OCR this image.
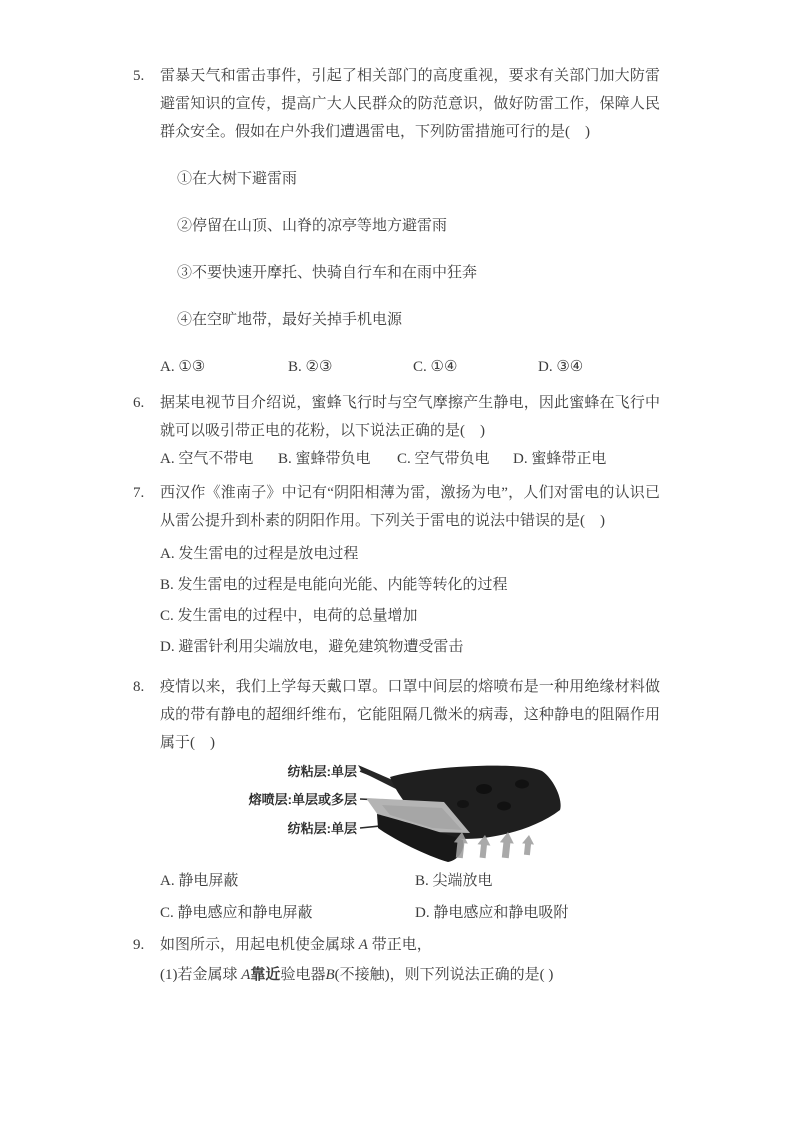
5.	雷暴天气和雷击事件，引起了相关部门的高度重视，要求有关部门加大防雷避雷知识的宣传，提高广大人民群众的防范意识，做好防雷工作，保障人民群众安全。假如在户外我们遭遇雷电，下列防雷措施可行的是(　)

①在大树下避雷雨

②停留在山顶、山脊的凉亭等地方避雷雨

③不要快速开摩托、快骑自行车和在雨中狂奔

④在空旷地带，最好关掉手机电源

A. ①③	B. ②③	C. ①④	D. ③④
6.	据某电视节目介绍说，蜜蜂飞行时与空气摩擦产生静电，因此蜜蜂在飞行中就可以吸引带正电的花粉，以下说法正确的是(　)

A. 空气不带电	B. 蜜蜂带负电	C. 空气带负电	D. 蜜蜂带正电
7.	西汉作《淮南子》中记有“阴阳相薄为雷，激扬为电”，人们对雷电的认识已从雷公提升到朴素的阴阳作用。下列关于雷电的说法中错误的是(　)

A. 发生雷电的过程是放电过程

B. 发生雷电的过程是电能向光能、内能等转化的过程

C. 发生雷电的过程中，电荷的总量增加

D. 避雷针利用尖端放电，避免建筑物遭受雷击

8.	疫情以来，我们上学每天戴口罩。口罩中间层的熔喷布是一种用绝缘材料做成的带有静电的超细纤维布，它能阻隔几微米的病毒，这种静电的阻隔作用属于(　)

纺粘层:单层
熔喷层:单层或多层
纺粘层:单层
A. 静电屏蔽	B. 尖端放电
C. 静电感应和静电屏蔽	D. 静电感应和静电吸附
9.	如图所示，用起电机使金属球 A 带正电，

(1)若金属球 A靠近验电器B(不接触)，则下列说法正确的是( )
